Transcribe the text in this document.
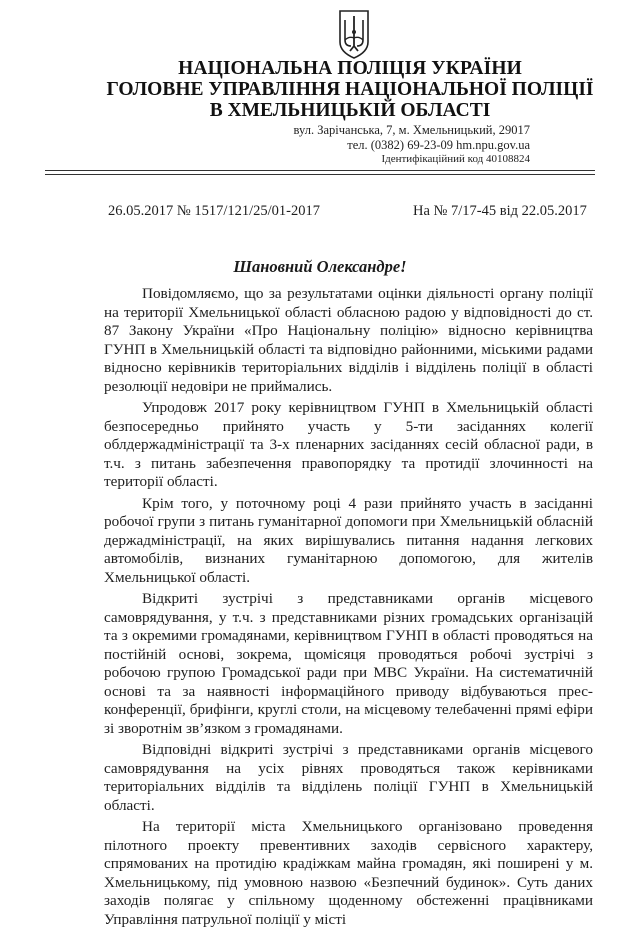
НАЦІОНАЛЬНА ПОЛІЦІЯ УКРАЇНИ
ГОЛОВНЕ УПРАВЛІННЯ НАЦІОНАЛЬНОЇ ПОЛІЦІЇ
В ХМЕЛЬНИЦЬКІЙ ОБЛАСТІ
вул. Зарічанська, 7, м. Хмельницький, 29017
тел. (0382) 69-23-09 hm.npu.gov.ua
Ідентифікаційний код 40108824
26.05.2017 № 1517/121/25/01-2017	На № 7/17-45 від 22.05.2017
Шановний Олександре!

Повідомляємо, що за результатами оцінки діяльності органу поліції на території Хмельницької області обласною радою у відповідності до ст. 87 Закону України «Про Національну поліцію» відносно керівництва ГУНП в Хмельницькій області та відповідно районними, міськими радами відносно керівників територіальних відділів і відділень поліції в області резолюції недовіри не приймались.

Упродовж 2017 року керівництвом ГУНП в Хмельницькій області безпосередньо прийнято участь у 5-ти засіданнях колегії облдержадміністрації та 3-х пленарних засіданнях сесій обласної ради, в т.ч. з питань забезпечення правопорядку та протидії злочинності на території області.

Крім того, у поточному році 4 рази прийнято участь в засіданні робочої групи з питань гуманітарної допомоги при Хмельницькій обласній держадміністрації, на яких вирішувались питання надання легкових автомобілів, визнаних гуманітарною допомогою, для жителів Хмельницької області.

Відкриті зустрічі з представниками органів місцевого самоврядування, у т.ч. з представниками різних громадських організацій та з окремими громадянами, керівництвом ГУНП в області проводяться на постійній основі, зокрема, щомісяця проводяться робочі зустрічі з робочою групою Громадської ради при МВС України. На систематичній основі та за наявності інформаційного приводу відбуваються прес-конференції, брифінги, круглі столи, на місцевому телебаченні прямі ефіри зі зворотнім зв’язком з громадянами.

Відповідні відкриті зустрічі з представниками органів місцевого самоврядування на усіх рівнях проводяться також керівниками територіальних відділів та відділень поліції ГУНП в Хмельницькій області.

На території міста Хмельницького організовано проведення пілотного проекту превентивних заходів сервісного характеру, спрямованих на протидію крадіжкам майна громадян, які поширені у м. Хмельницькому, під умовною назвою «Безпечний будинок». Суть даних заходів полягає у спільному щоденному обстеженні працівниками Управління патрульної поліції у місті
